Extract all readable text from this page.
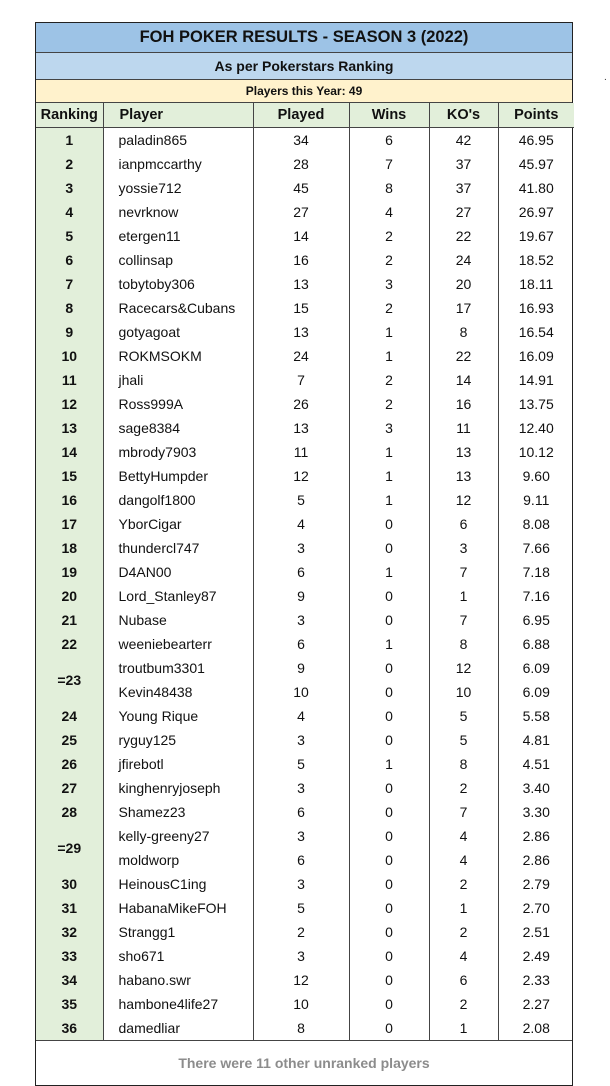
FOH POKER RESULTS - SEASON 3 (2022)
As per Pokerstars Ranking
Players this Year: 49
Ranking	Player	Played	Wins	KO's	Points
1	paladin865	34	6	42	46.95
2	ianpmccarthy	28	7	37	45.97
3	yossie712	45	8	37	41.80
4	nevrknow	27	4	27	26.97
5	etergen11	14	2	22	19.67
6	collinsap	16	2	24	18.52
7	tobytoby306	13	3	20	18.11
8	Racecars&Cubans	15	2	17	16.93
9	gotyagoat	13	1	8	16.54
10	ROKMSOKM	24	1	22	16.09
11	jhali	7	2	14	14.91
12	Ross999A	26	2	16	13.75
13	sage8384	13	3	11	12.40
14	mbrody7903	11	1	13	10.12
15	BettyHumpder	12	1	13	9.60
16	dangolf1800	5	1	12	9.11
17	YborCigar	4	0	6	8.08
18	thundercl747	3	0	3	7.66
19	D4AN00	6	1	7	7.18
20	Lord_Stanley87	9	0	1	7.16
21	Nubase	3	0	7	6.95
22	weeniebearterr	6	1	8	6.88
=23	troutbum3301	9	0	12	6.09
	Kevin48438	10	0	10	6.09
24	Young Rique	4	0	5	5.58
25	ryguy125	3	0	5	4.81
26	jfirebotl	5	1	8	4.51
27	kinghenryjoseph	3	0	2	3.40
28	Shamez23	6	0	7	3.30
=29	kelly-greeny27	3	0	4	2.86
	moldworp	6	0	4	2.86
30	HeinousC1ing	3	0	2	2.79
31	HabanaMikeFOH	5	0	1	2.70
32	Strangg1	2	0	2	2.51
33	sho671	3	0	4	2.49
34	habano.swr	12	0	6	2.33
35	hambone4life27	10	0	2	2.27
36	damedliar	8	0	1	2.08
There were 11 other unranked players
.
